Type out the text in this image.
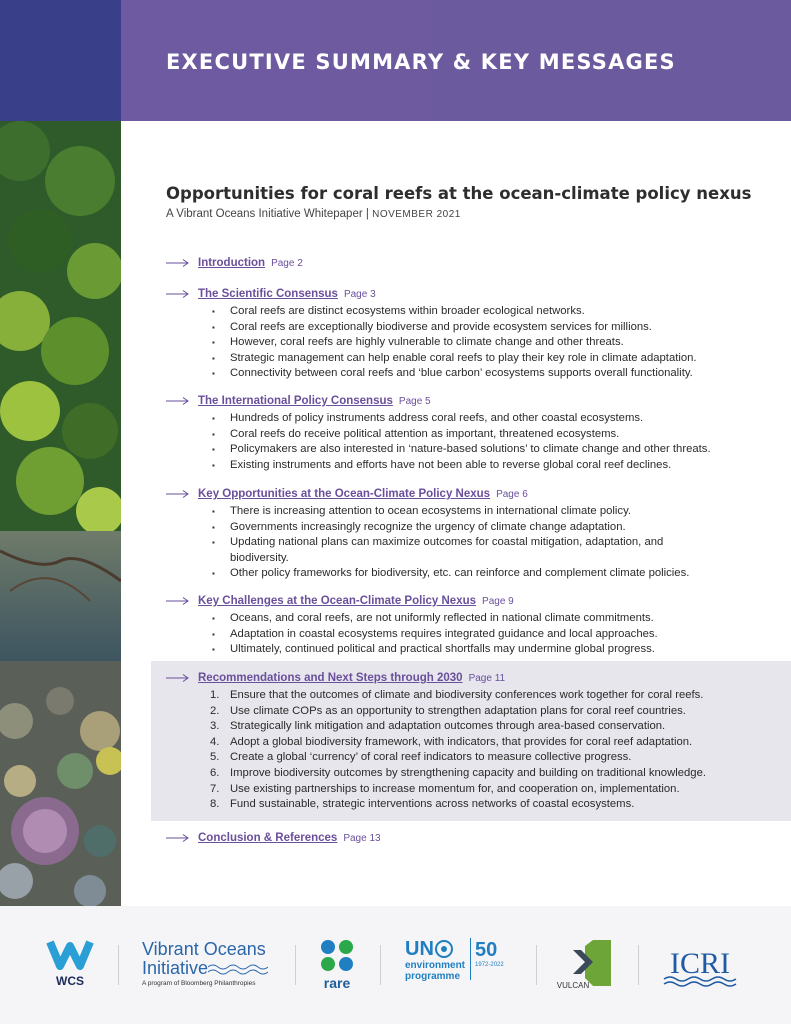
EXECUTIVE SUMMARY & KEY MESSAGES
Opportunities for coral reefs at the ocean-climate policy nexus
A Vibrant Oceans Initiative Whitepaper | NOVEMBER 2021
Introduction Page 2
The Scientific Consensus Page 3
▪ Coral reefs are distinct ecosystems within broader ecological networks.
▪ Coral reefs are exceptionally biodiverse and provide ecosystem services for millions.
▪ However, coral reefs are highly vulnerable to climate change and other threats.
▪ Strategic management can help enable coral reefs to play their key role in climate adaptation.
▪ Connectivity between coral reefs and ‘blue carbon’ ecosystems supports overall functionality.
The International Policy Consensus Page 5
▪ Hundreds of policy instruments address coral reefs, and other coastal ecosystems.
▪ Coral reefs do receive political attention as important, threatened ecosystems.
▪ Policymakers are also interested in ‘nature-based solutions’ to climate change and other threats.
▪ Existing instruments and efforts have not been able to reverse global coral reef declines.
Key Opportunities at the Ocean-Climate Policy Nexus Page 6
▪ There is increasing attention to ocean ecosystems in international climate policy.
▪ Governments increasingly recognize the urgency of climate change adaptation.
▪ Updating national plans can maximize outcomes for coastal mitigation, adaptation, and biodiversity.
▪ Other policy frameworks for biodiversity, etc. can reinforce and complement climate policies.
Key Challenges at the Ocean-Climate Policy Nexus Page 9
▪ Oceans, and coral reefs, are not uniformly reflected in national climate commitments.
▪ Adaptation in coastal ecosystems requires integrated guidance and local approaches.
▪ Ultimately, continued political and practical shortfalls may undermine global progress.
Recommendations and Next Steps through 2030 Page 11
1. Ensure that the outcomes of climate and biodiversity conferences work together for coral reefs.
2. Use climate COPs as an opportunity to strengthen adaptation plans for coral reef countries.
3. Strategically link mitigation and adaptation outcomes through area-based conservation.
4. Adopt a global biodiversity framework, with indicators, that provides for coral reef adaptation.
5. Create a global ‘currency’ of coral reef indicators to measure collective progress.
6. Improve biodiversity outcomes by strengthening capacity and building on traditional knowledge.
7. Use existing partnerships to increase momentum for, and cooperation on, implementation.
8. Fund sustainable, strategic interventions across networks of coastal ecosystems.
Conclusion & References Page 13
WCS
Vibrant Oceans
Initiative
A program of Bloomberg Philanthropies	rare
UN
environment
programme
50
1972-2022
VULCAN
ICRI
